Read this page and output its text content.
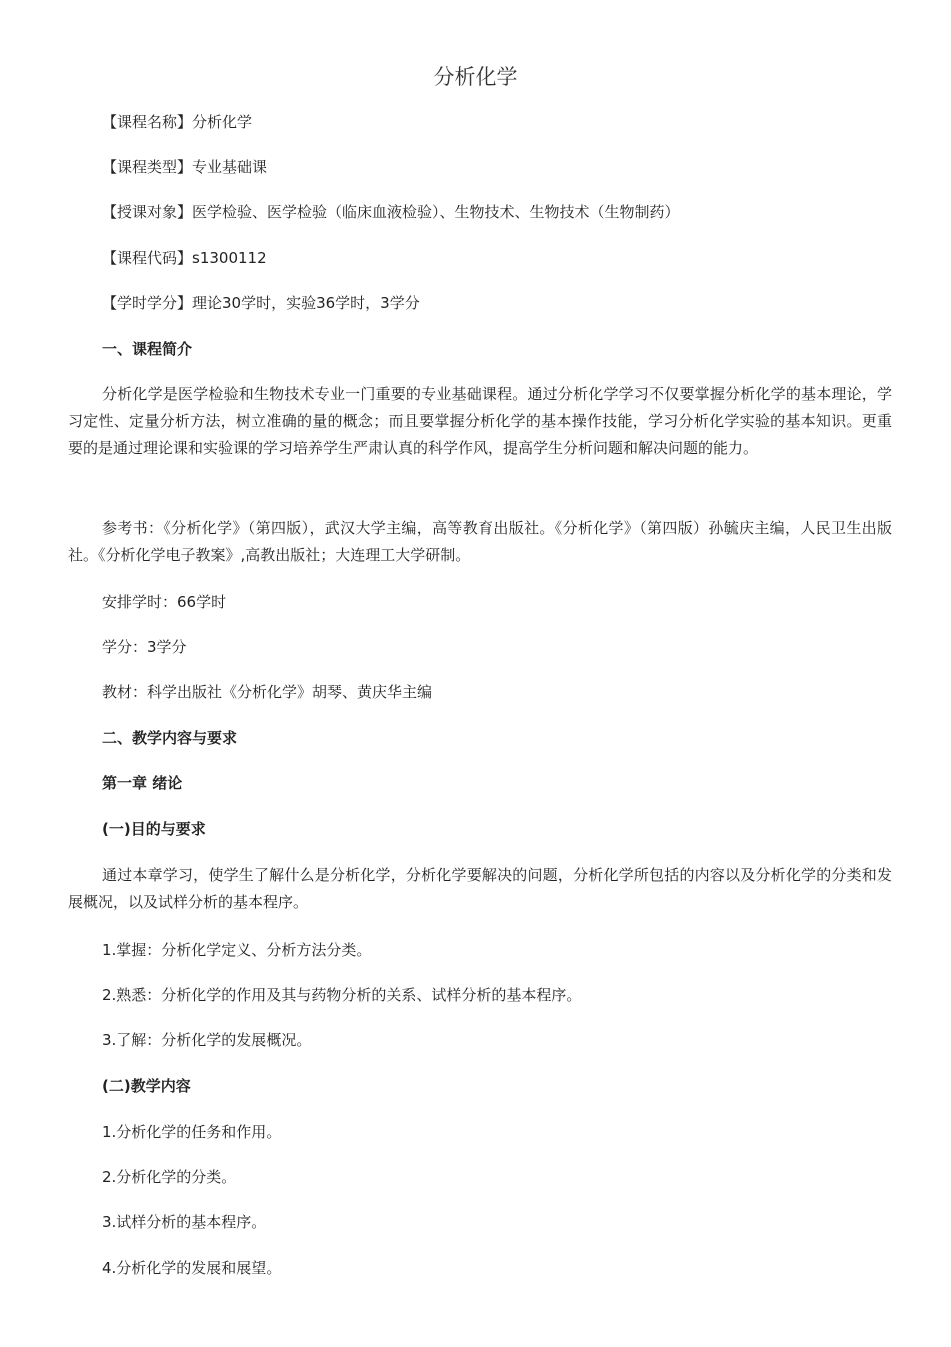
分析化学
【课程名称】分析化学
【课程类型】专业基础课
【授课对象】医学检验、医学检验（临床血液检验）、生物技术、生物技术（生物制药）
【课程代码】s1300112
【学时学分】理论30学时，实验36学时，3学分
一、课程简介
分析化学是医学检验和生物技术专业一门重要的专业基础课程。通过分析化学学习不仅要掌握分析化学的基本理论，学习定性、定量分析方法，树立准确的量的概念；而且要掌握分析化学的基本操作技能，学习分析化学实验的基本知识。更重要的是通过理论课和实验课的学习培养学生严肃认真的科学作风，提高学生分析问题和解决问题的能力。
参考书：《分析化学》（第四版），武汉大学主编，高等教育出版社。《分析化学》（第四版）孙毓庆主编，人民卫生出版社。《分析化学电子教案》,高教出版社；大连理工大学研制。
安排学时：66学时
学分：3学分
教材：科学出版社《分析化学》胡琴、黄庆华主编
二、教学内容与要求
第一章 绪论
(一)目的与要求
通过本章学习，使学生了解什么是分析化学，分析化学要解决的问题，分析化学所包括的内容以及分析化学的分类和发展概况，以及试样分析的基本程序。
1.掌握：分析化学定义、分析方法分类。
2.熟悉：分析化学的作用及其与药物分析的关系、试样分析的基本程序。
3.了解：分析化学的发展概况。
(二)教学内容
1.分析化学的任务和作用。
2.分析化学的分类。
3.试样分析的基本程序。
4.分析化学的发展和展望。
